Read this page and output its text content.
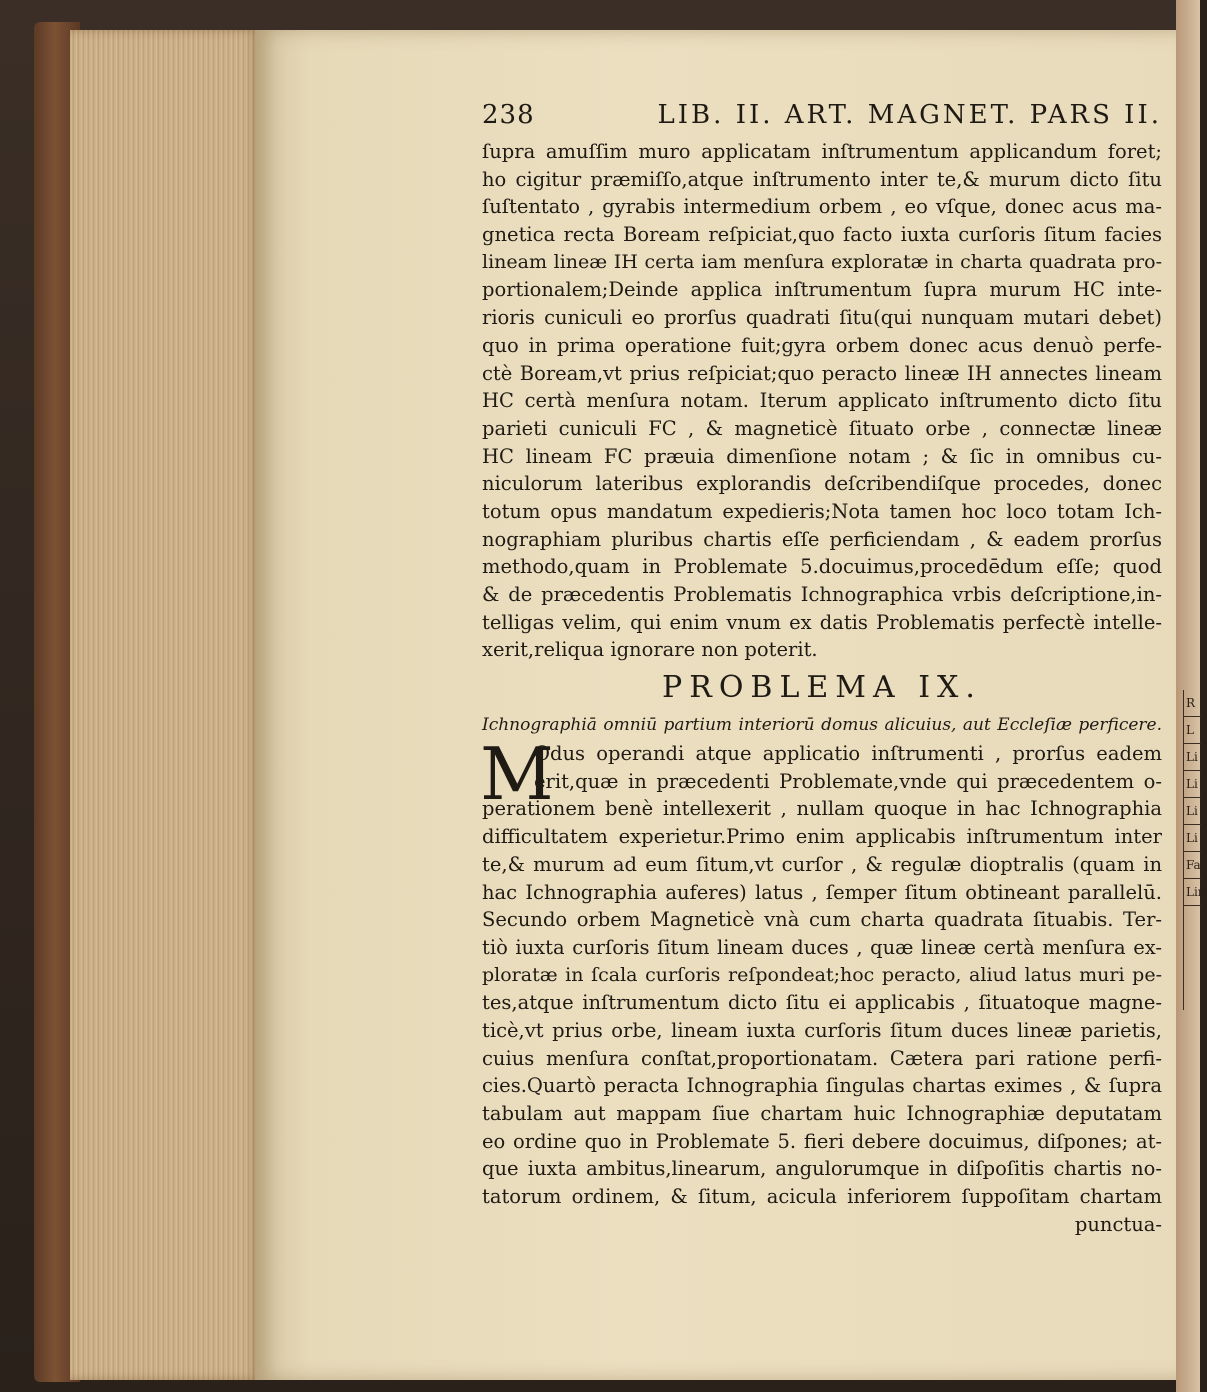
R
L
Li
Li
Li
Li
Fac
Lin
238	LIB. II. ART. MAGNET. PARS II.
ſupra amuſſim muro applicatam inſtrumentum applicandum foret;
ho cigitur præmiſſo,atque inſtrumento inter te,& murum dicto ſitu
ſuſtentato , gyrabis intermedium orbem , eo vſque, donec acus ma-
gnetica recta Boream reſpiciat,quo facto iuxta curſoris ſitum facies
lineam lineæ IH certa iam menſura exploratæ in charta quadrata pro-
portionalem;Deinde applica inſtrumentum ſupra murum HC inte-
rioris cuniculi eo prorſus quadrati ſitu(qui nunquam mutari debet)
quo in prima operatione fuit;gyra orbem donec acus denuò perfe-
ctè Boream,vt prius reſpiciat;quo peracto lineæ IH annectes lineam
HC certà menſura notam. Iterum applicato inſtrumento dicto ſitu
parieti cuniculi FC , & magneticè ſituato orbe , connectæ lineæ
HC lineam FC præuia dimenſione notam ; & ſic in omnibus cu-
niculorum lateribus explorandis deſcribendiſque procedes, donec
totum opus mandatum expedieris;Nota tamen hoc loco totam Ich-
nographiam pluribus chartis eſſe perficiendam , & eadem prorſus
methodo,quam in Problemate 5.docuimus,procedēdum eſſe; quod
& de præcedentis Problematis Ichnographica vrbis deſcriptione,in-
telligas velim, qui enim vnum ex datis Problematis perfectè intelle-
xerit,reliqua ignorare non poterit.
PROBLEMA IX.
Ichnographiā omniū partium interiorū domus alicuius, aut Eccleſiæ perficere.
M
Odus operandi atque applicatio inſtrumenti , prorſus eadem
erit,quæ in præcedenti Problemate,vnde qui præcedentem o-
perationem benè intellexerit , nullam quoque in hac Ichnographia
difficultatem experietur.Primo enim applicabis inſtrumentum inter
te,& murum ad eum ſitum,vt curſor , & regulæ dioptralis (quam in
hac Ichnographia auferes) latus , ſemper ſitum obtineant parallelū.
Secundo orbem Magneticè vnà cum charta quadrata ſituabis. Ter-
tiò iuxta curſoris ſitum lineam duces , quæ lineæ certà menſura ex-
ploratæ in ſcala curſoris reſpondeat;hoc peracto, aliud latus muri pe-
tes,atque inſtrumentum dicto ſitu ei applicabis , ſituatoque magne-
ticè,vt prius orbe, lineam iuxta curſoris ſitum duces lineæ parietis,
cuius menſura conſtat,proportionatam. Cætera pari ratione perfi-
cies.Quartò peracta Ichnographia ſingulas chartas eximes , & ſupra
tabulam aut mappam ſiue chartam huic Ichnographiæ deputatam
eo ordine quo in Problemate 5. fieri debere docuimus, diſpones; at-
que iuxta ambitus,linearum, angulorumque in diſpoſitis chartis no-
tatorum ordinem, & ſitum, acicula inferiorem ſuppoſitam chartam
punctua-
